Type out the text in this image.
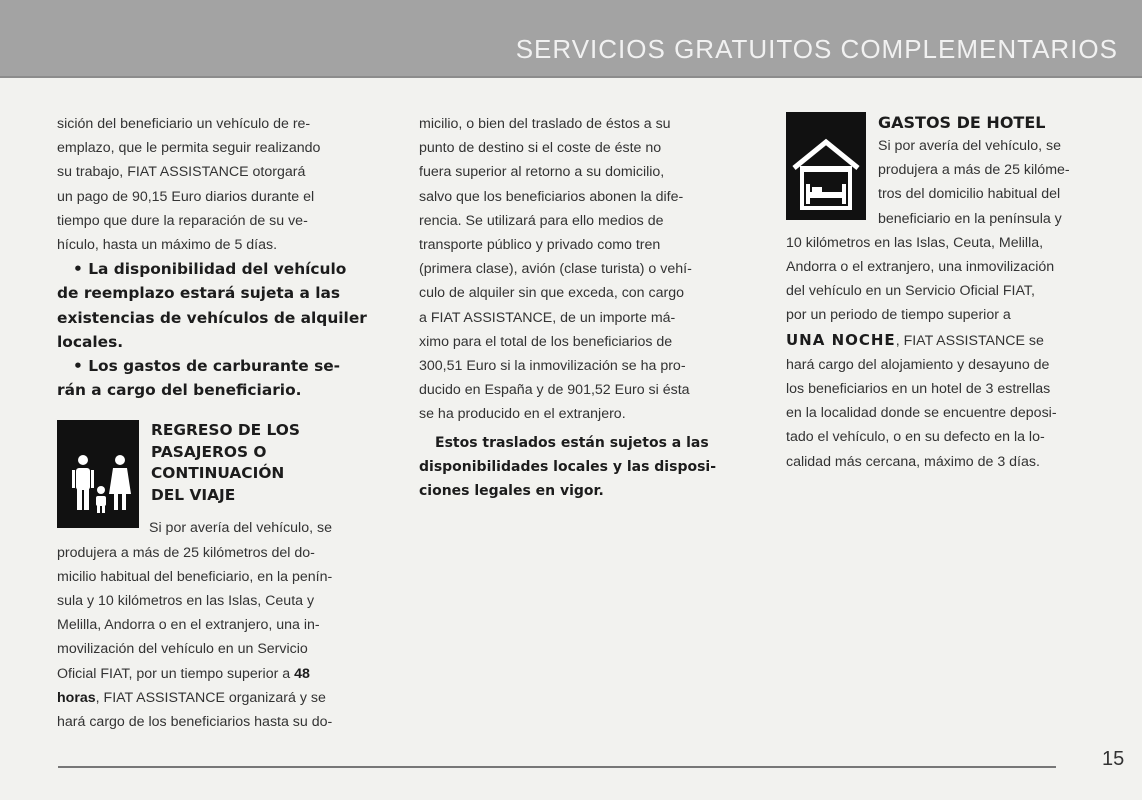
SERVICIOS GRATUITOS COMPLEMENTARIOS

sición del beneficiario un vehículo de re-

emplazo, que le permita seguir realizando

su trabajo, FIAT ASSISTANCE otorgará

un pago de 90,15 Euro diarios durante el

tiempo que dure la reparación de su ve-

hículo, hasta un máximo de 5 días.

• La disponibilidad del vehículo

de reemplazo estará sujeta a las

existencias de vehículos de alquiler

locales.

• Los gastos de carburante se-

rán a cargo del beneficiario.

REGRESO DE LOS
PASAJEROS O
CONTINUACIÓN
DEL VIAJE

Si por avería del vehículo, se

produjera a más de 25 kilómetros del do-

micilio habitual del beneficiario, en la penín-

sula y 10 kilómetros en las Islas, Ceuta y

Melilla, Andorra o en el extranjero, una in-

movilización del vehículo en un Servicio

Oficial FIAT, por un tiempo superior a 48

horas, FIAT ASSISTANCE organizará y se

hará cargo de los beneficiarios hasta su do-

micilio, o bien del traslado de éstos a su

punto de destino si el coste de éste no

fuera superior al retorno a su domicilio,

salvo que los beneficiarios abonen la dife-

rencia. Se utilizará para ello medios de

transporte público y privado como tren

(primera clase), avión (clase turista) o vehí-

culo de alquiler sin que exceda, con cargo

a FIAT ASSISTANCE, de un importe má-

ximo para el total de los beneficiarios de

300,51 Euro si la inmovilización se ha pro-

ducido en España y de 901,52 Euro si ésta

se ha producido en el extranjero.

Estos traslados están sujetos a las

disponibilidades locales y las disposi-

ciones legales en vigor.

GASTOS DE HOTEL

Si por avería del vehículo, se

produjera a más de 25 kilóme-

tros del domicilio habitual del

beneficiario en la península y

10 kilómetros en las Islas, Ceuta, Melilla,

Andorra o el extranjero, una inmovilización

del vehículo en un Servicio Oficial FIAT,

por un periodo de tiempo superior a

UNA NOCHE, FIAT ASSISTANCE se

hará cargo del alojamiento y desayuno de

los beneficiarios en un hotel de 3 estrellas

en la localidad donde se encuentre deposi-

tado el vehículo, o en su defecto en la lo-

calidad más cercana, máximo de 3 días.

15
